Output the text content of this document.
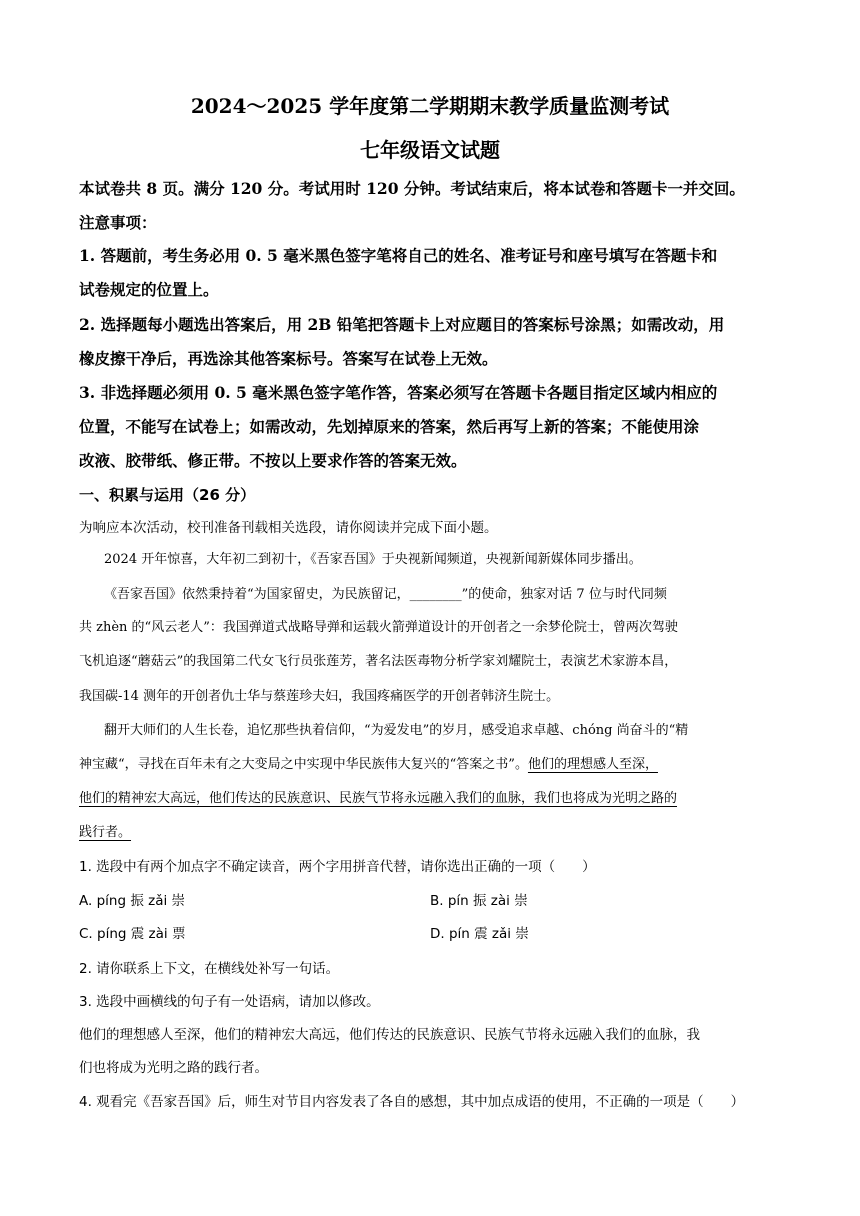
2024～2025 学年度第二学期期末教学质量监测考试
七年级语文试题
本试卷共 8 页。满分 120 分。考试用时 120 分钟。考试结束后，将本试卷和答题卡一并交回。
注意事项：
1. 答题前，考生务必用 0. 5 毫米黑色签字笔将自己的姓名、准考证号和座号填写在答题卡和
试卷规定的位置上。
2. 选择题每小题选出答案后，用 2B 铅笔把答题卡上对应题目的答案标号涂黑；如需改动，用
橡皮擦干净后，再选涂其他答案标号。答案写在试卷上无效。
3. 非选择题必须用 0. 5 毫米黑色签字笔作答，答案必须写在答题卡各题目指定区域内相应的
位置，不能写在试卷上；如需改动，先划掉原来的答案，然后再写上新的答案；不能使用涂
改液、胶带纸、修正带。不按以上要求作答的答案无效。
一、积累与运用（26 分）
为响应本次活动，校刊准备刊载相关选段，请你阅读并完成下面小题。
2024 开年惊喜，大年初二到初十，《吾家吾国》于央视新闻频道，央视新闻新媒体同步播出。
《吾家吾国》依然秉持着“为国家留史，为民族留记，________”的使命，独家对话 7 位与时代同频
共 zhèn 的“风云老人”：我国弹道式战略导弹和运载火箭弹道设计的开创者之一余梦伦院士，曾两次驾驶
飞机追逐“蘑菇云”的我国第二代女飞行员张莲芳，著名法医毒物分析学家刘耀院士，表演艺术家游本昌，
我国碳-14 测年的开创者仇士华与蔡莲珍夫妇，我国疼痛医学的开创者韩济生院士。
翻开大师们的人生长卷，追忆那些执着信仰，“为爱发电”的岁月，感受追求卓越、chóng 尚奋斗的“精
神宝藏“，寻找在百年未有之大变局之中实现中华民族伟大复兴的“答案之书”。他们的理想感人至深，
他们的精神宏大高远，他们传达的民族意识、民族气节将永远融入我们的血脉，我们也将成为光明之路的
践行者。
1. 选段中有两个加点字不确定读音，两个字用拼音代替，请你选出正确的一项（　　）
A. píng 振 zǎi 崇	B. pín 振 zài 崇
C. píng 震 zài 票	D. pín 震 zǎi 崇
2. 请你联系上下文，在横线处补写一句话。
3. 选段中画横线的句子有一处语病，请加以修改。
他们的理想感人至深，他们的精神宏大高远，他们传达的民族意识、民族气节将永远融入我们的血脉，我
们也将成为光明之路的践行者。
4. 观看完《吾家吾国》后，师生对节目内容发表了各自的感想，其中加点成语的使用，不正确的一项是（　　）
